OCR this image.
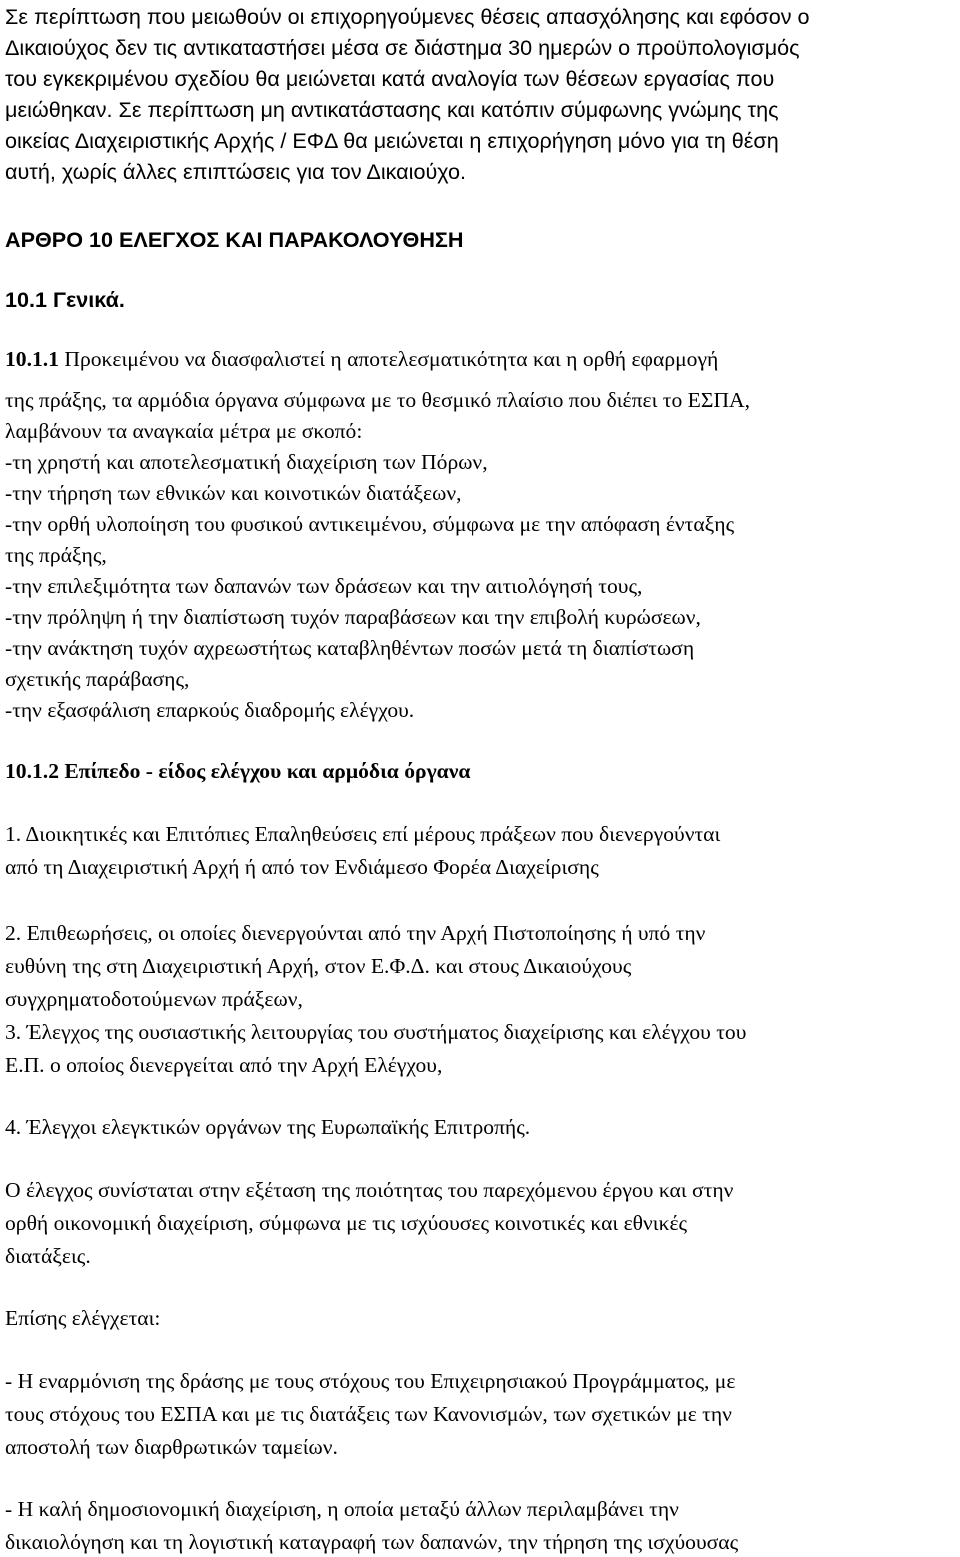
Σε περίπτωση που μειωθούν οι επιχορηγούμενες θέσεις απασχόλησης και εφόσον ο
Δικαιούχος δεν τις αντικαταστήσει μέσα σε διάστημα 30 ημερών ο προϋπολογισμός
του εγκεκριμένου σχεδίου θα μειώνεται κατά αναλογία των θέσεων εργασίας που
μειώθηκαν. Σε περίπτωση μη αντικατάστασης και κατόπιν σύμφωνης γνώμης της
οικείας Διαχειριστικής Αρχής / ΕΦΔ θα μειώνεται η επιχορήγηση μόνο για τη θέση
αυτή, χωρίς άλλες επιπτώσεις για τον Δικαιούχο.
ΑΡΘΡΟ 10 ΕΛΕΓΧΟΣ ΚΑΙ ΠΑΡΑΚΟΛΟΥΘΗΣΗ
10.1 Γενικά.
10.1.1 Προκειμένου να διασφαλιστεί η αποτελεσματικότητα και η ορθή εφαρμογή
της πράξης, τα αρμόδια όργανα σύμφωνα με το θεσμικό πλαίσιο που διέπει το ΕΣΠΑ,
λαμβάνουν τα αναγκαία μέτρα με σκοπό:
-τη χρηστή και αποτελεσματική διαχείριση των Πόρων,
-την τήρηση των εθνικών και κοινοτικών διατάξεων,
-την ορθή υλοποίηση του φυσικού αντικειμένου, σύμφωνα με την απόφαση ένταξης
της πράξης,
-την επιλεξιμότητα των δαπανών των δράσεων και την αιτιολόγησή τους,
-την πρόληψη ή την διαπίστωση τυχόν παραβάσεων και την επιβολή κυρώσεων,
-την ανάκτηση τυχόν αχρεωστήτως καταβληθέντων ποσών μετά τη διαπίστωση
σχετικής παράβασης,
-την εξασφάλιση επαρκούς διαδρομής ελέγχου.
10.1.2 Επίπεδο - είδος ελέγχου και αρμόδια όργανα
1. Διοικητικές και Επιτόπιες Επαληθεύσεις επί μέρους πράξεων που διενεργούνται
από τη Διαχειριστική Αρχή ή από τον Ενδιάμεσο Φορέα Διαχείρισης
2. Επιθεωρήσεις, οι οποίες διενεργούνται από την Αρχή Πιστοποίησης ή υπό την
ευθύνη της στη Διαχειριστική Αρχή, στον Ε.Φ.Δ. και στους Δικαιούχους
συγχρηματοδοτούμενων πράξεων,
3. Έλεγχος της ουσιαστικής λειτουργίας του συστήματος διαχείρισης και ελέγχου του
Ε.Π. ο οποίος διενεργείται από την Αρχή Ελέγχου,
4. Έλεγχοι ελεγκτικών οργάνων της Ευρωπαϊκής Επιτροπής.
Ο έλεγχος συνίσταται στην εξέταση της ποιότητας του παρεχόμενου έργου και στην
ορθή οικονομική διαχείριση, σύμφωνα με τις ισχύουσες κοινοτικές και εθνικές
διατάξεις.
Επίσης ελέγχεται:
- Η εναρμόνιση της δράσης με τους στόχους του Επιχειρησιακού Προγράμματος, με
τους στόχους του ΕΣΠΑ και με τις διατάξεις των Κανονισμών, των σχετικών με την
αποστολή των διαρθρωτικών ταμείων.
- Η καλή δημοσιονομική διαχείριση, η οποία μεταξύ άλλων περιλαμβάνει την
δικαιολόγηση και τη λογιστική καταγραφή των δαπανών, την τήρηση της ισχύουσας
